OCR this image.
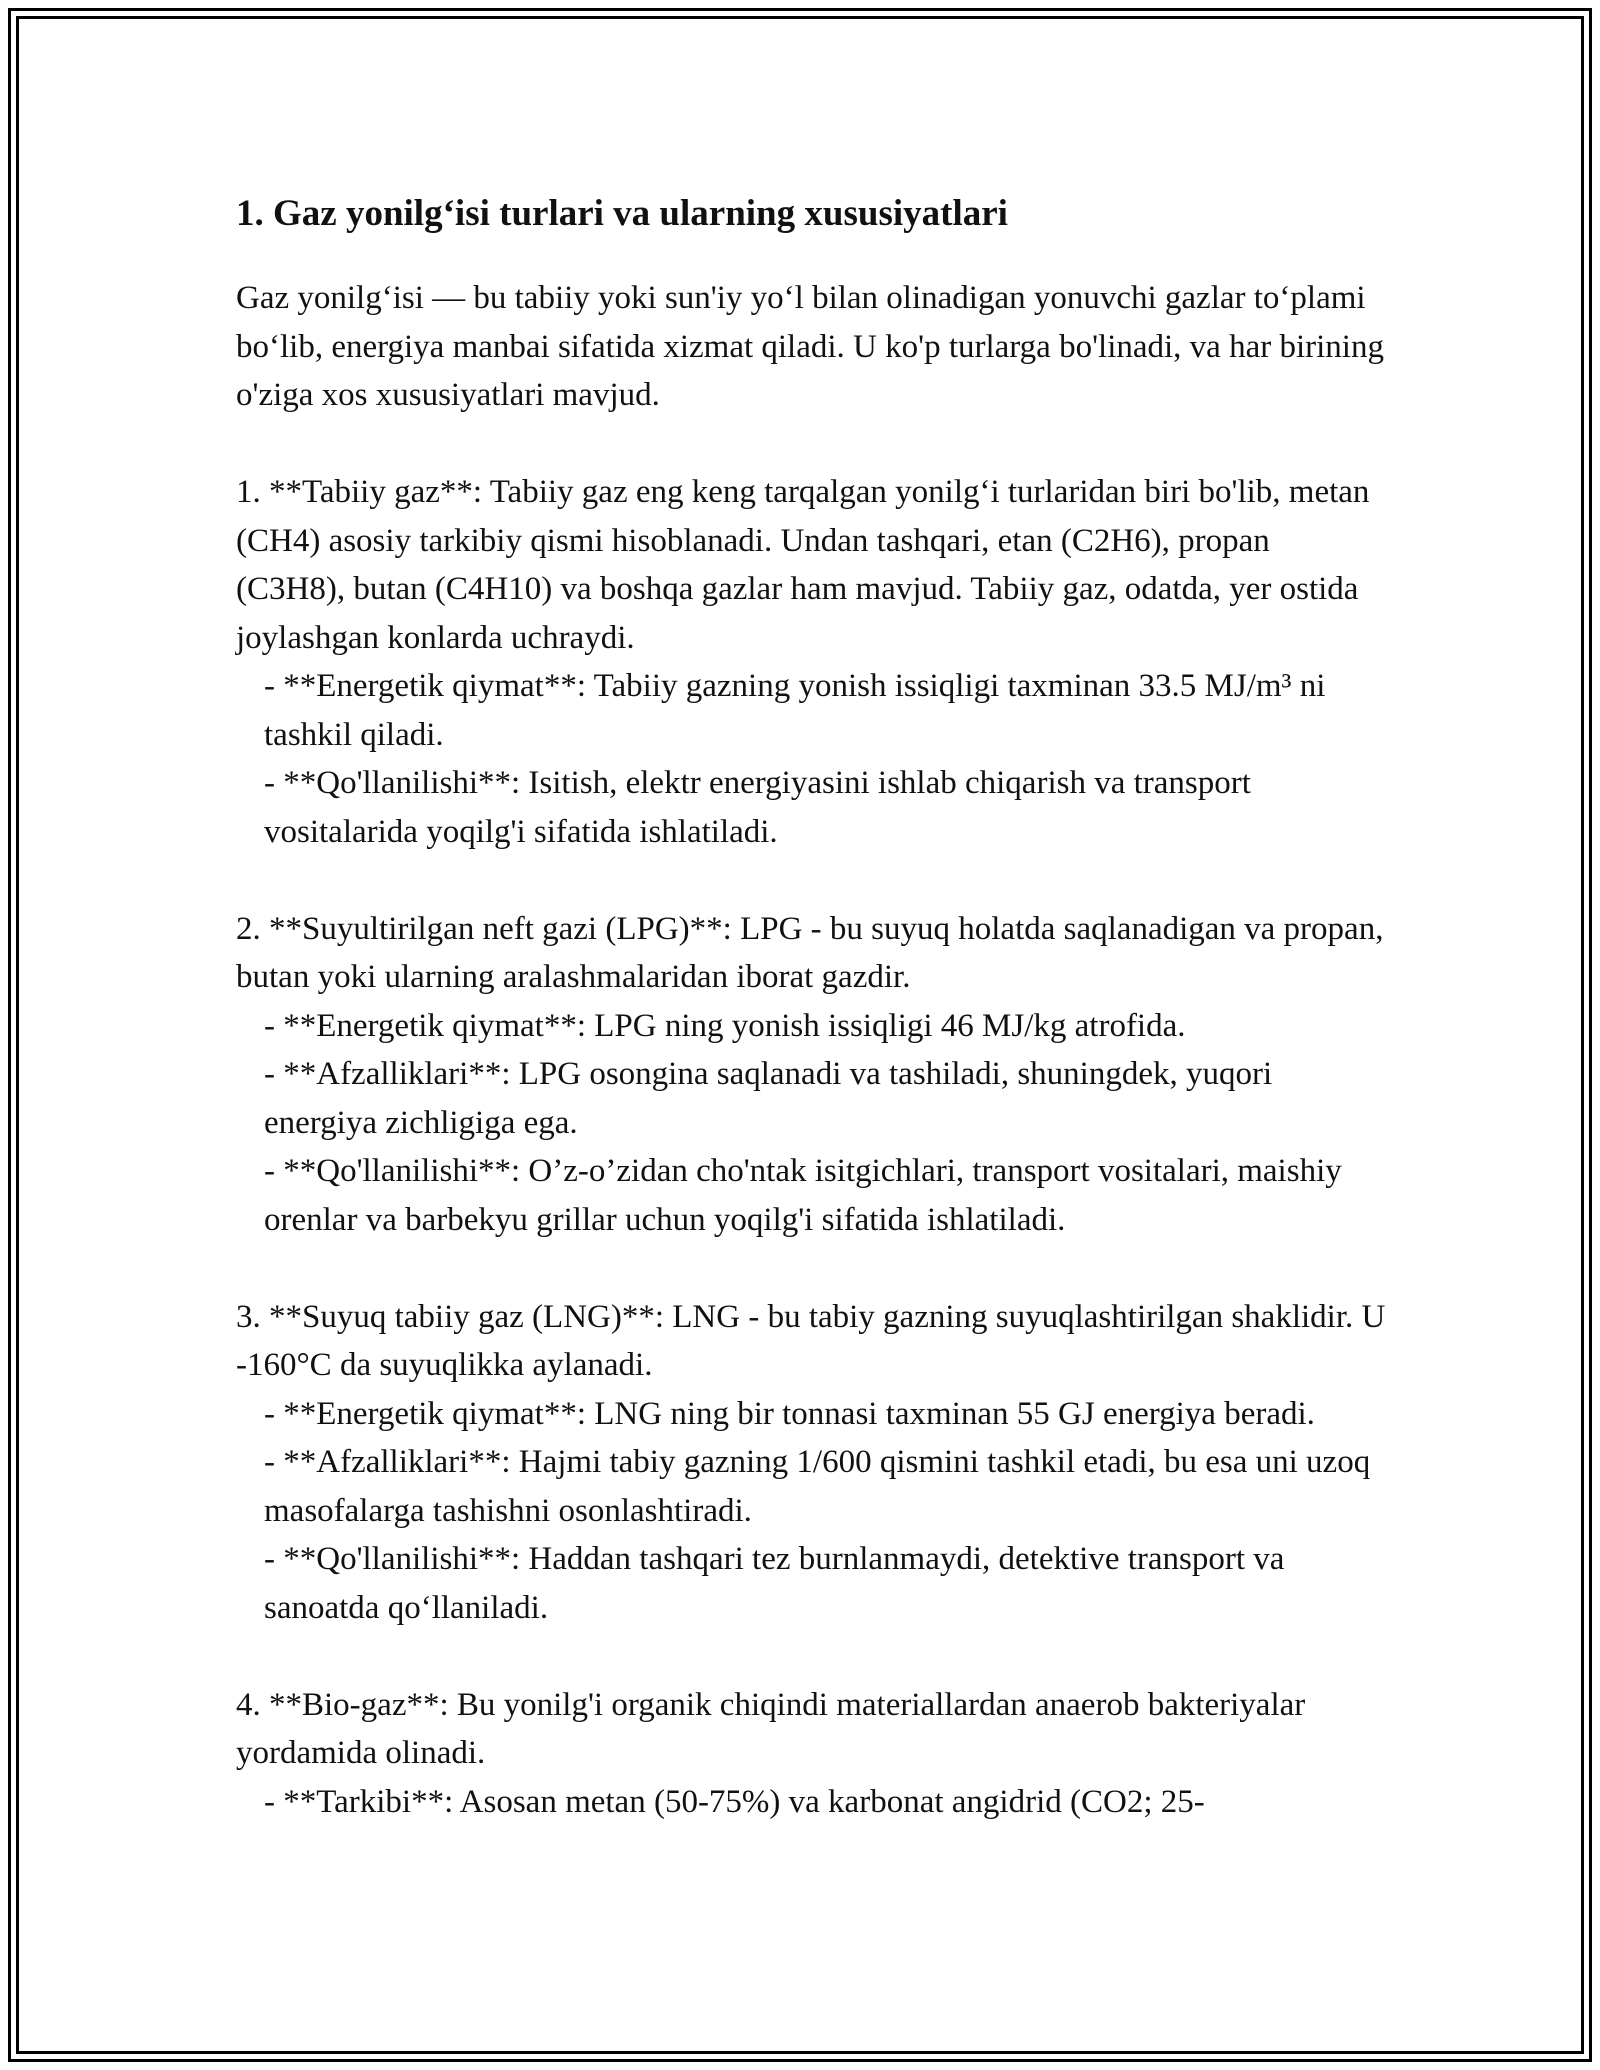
1. Gaz yonilg‘isi turlari va ularning xususiyatlari

Gaz yonilg‘isi — bu tabiiy yoki sun'iy yo‘l bilan olinadigan yonuvchi gazlar to‘plami bo‘lib, energiya manbai sifatida xizmat qiladi. U ko'p turlarga bo'linadi, va har birining o'ziga xos xususiyatlari mavjud.

1. **Tabiiy gaz**: Tabiiy gaz eng keng tarqalgan yonilg‘i turlaridan biri bo'lib, metan (CH4) asosiy tarkibiy qismi hisoblanadi. Undan tashqari, etan (C2H6), propan (C3H8), butan (C4H10) va boshqa gazlar ham mavjud. Tabiiy gaz, odatda, yer ostida joylashgan konlarda uchraydi.

- **Energetik qiymat**: Tabiiy gazning yonish issiqligi taxminan 33.5 MJ/m³ ni tashkil qiladi.

- **Qo'llanilishi**: Isitish, elektr energiyasini ishlab chiqarish va transport vositalarida yoqilg'i sifatida ishlatiladi.

2. **Suyultirilgan neft gazi (LPG)**: LPG - bu suyuq holatda saqlanadigan va propan, butan yoki ularning aralashmalaridan iborat gazdir.

- **Energetik qiymat**: LPG ning yonish issiqligi 46 MJ/kg atrofida.

- **Afzalliklari**: LPG osongina saqlanadi va tashiladi, shuningdek, yuqori energiya zichligiga ega.

- **Qo'llanilishi**: O’z-o’zidan cho'ntak isitgichlari, transport vositalari, maishiy orenlar va barbekyu grillar uchun yoqilg'i sifatida ishlatiladi.

3. **Suyuq tabiiy gaz (LNG)**: LNG - bu tabiy gazning suyuqlashtirilgan shaklidir. U -160°C da suyuqlikka aylanadi.

- **Energetik qiymat**: LNG ning bir tonnasi taxminan 55 GJ energiya beradi.

- **Afzalliklari**: Hajmi tabiy gazning 1/600 qismini tashkil etadi, bu esa uni uzoq masofalarga tashishni osonlashtiradi.

- **Qo'llanilishi**: Haddan tashqari tez burnlanmaydi, detektive transport va sanoatda qo‘llaniladi.

4. **Bio-gaz**: Bu yonilg'i organik chiqindi materiallardan anaerob bakteriyalar yordamida olinadi.

- **Tarkibi**: Asosan metan (50-75%) va karbonat angidrid (CO2; 25-
